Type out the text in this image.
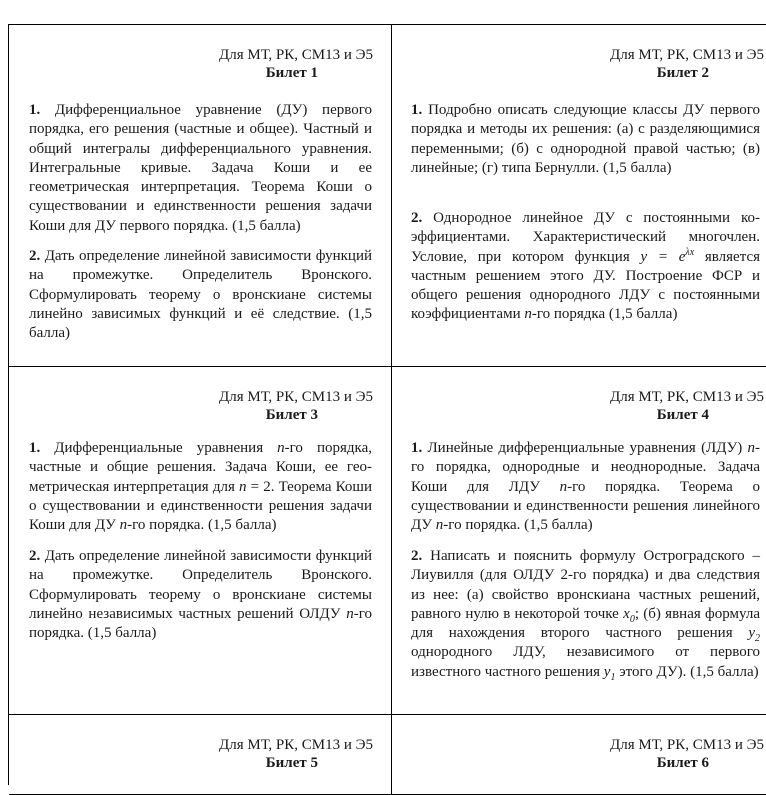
Для МТ, РК, СМ13 и Э5
Билет 1
1. Дифференциальное уравнение (ДУ) первого порядка, его решения (частные и общее). Частный и общий интегралы дифференциального уравнения. Интегральные кривые. Задача Коши и ее геометрическая интерпретация. Теорема Коши о существовании и единственности решения задачи Коши для ДУ первого порядка. (1,5 балла)
2. Дать определение линейной зависимости функций на промежутке. Определитель Вронского. Сформулировать теорему о вронскиане системы линейно зависимых функций и её следствие. (1,5 балла)
Для МТ, РК, СМ13 и Э5
Билет 2
1. Подробно описать следующие классы ДУ первого порядка и методы их решения: (а) с разделяющимися переменными; (б) с однородной правой частью; (в) линейные; (г) типа Бернулли. (1,5 балла)
2. Однородное линейное ДУ с постоянными коэффициентами. Характеристический многочлен. Условие, при котором функция $y = e^{\lambda x}$ является частным решением этого ДУ. Построение ФСР и общего решения однородного ЛДУ с постоянными коэффициентами n-го порядка (1,5 балла)
Для МТ, РК, СМ13 и Э5
Билет 3
1. Дифференциальные уравнения n-го порядка, частные и общие решения. Задача Коши, ее геометрическая интерпретация для n = 2. Теорема Коши о существовании и единственности решения задачи Коши для ДУ n-го порядка. (1,5 балла)
2. Дать определение линейной зависимости функций на промежутке. Определитель Вронского. Сформулировать теорему о вронскиане системы линейно независимых частных решений ОЛДУ n-го порядка. (1,5 балла)
Для МТ, РК, СМ13 и Э5
Билет 4
1. Линейные дифференциальные уравнения (ЛДУ) n-го порядка, однородные и неоднородные. Задача Коши для ЛДУ n-го порядка. Теорема о существовании и единственности решения линейного ДУ n-го порядка. (1,5 балла)
2. Написать и пояснить формулу Остроградского – Лиувилля (для ОЛДУ 2-го порядка) и два следствия из нее: (а) свойство вронскиана частных решений, равного нулю в некоторой точке $x_0$; (б) явная формула для нахождения второго частного решения $y_2$ однородного ЛДУ, независимого от первого известного частного решения $y_1$ этого ДУ). (1,5 балла)
Для МТ, РК, СМ13 и Э5
Билет 5
Для МТ, РК, СМ13 и Э5
Билет 6
